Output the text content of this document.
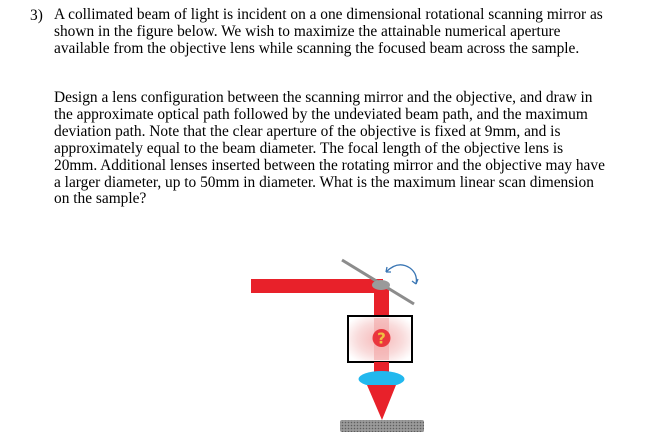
3) A collimated beam of light is incident on a one dimensional rotational scanning mirror as
shown in the figure below. We wish to maximize the attainable numerical aperture
available from the objective lens while scanning the focused beam across the sample.
Design a lens configuration between the scanning mirror and the objective, and draw in
the approximate optical path followed by the undeviated beam path, and the maximum
deviation path. Note that the clear aperture of the objective is fixed at 9mm, and is
approximately equal to the beam diameter. The focal length of the objective lens is
20mm. Additional lenses inserted between the rotating mirror and the objective may have
a larger diameter, up to 50mm in diameter. What is the maximum linear scan dimension
on the sample?
?
